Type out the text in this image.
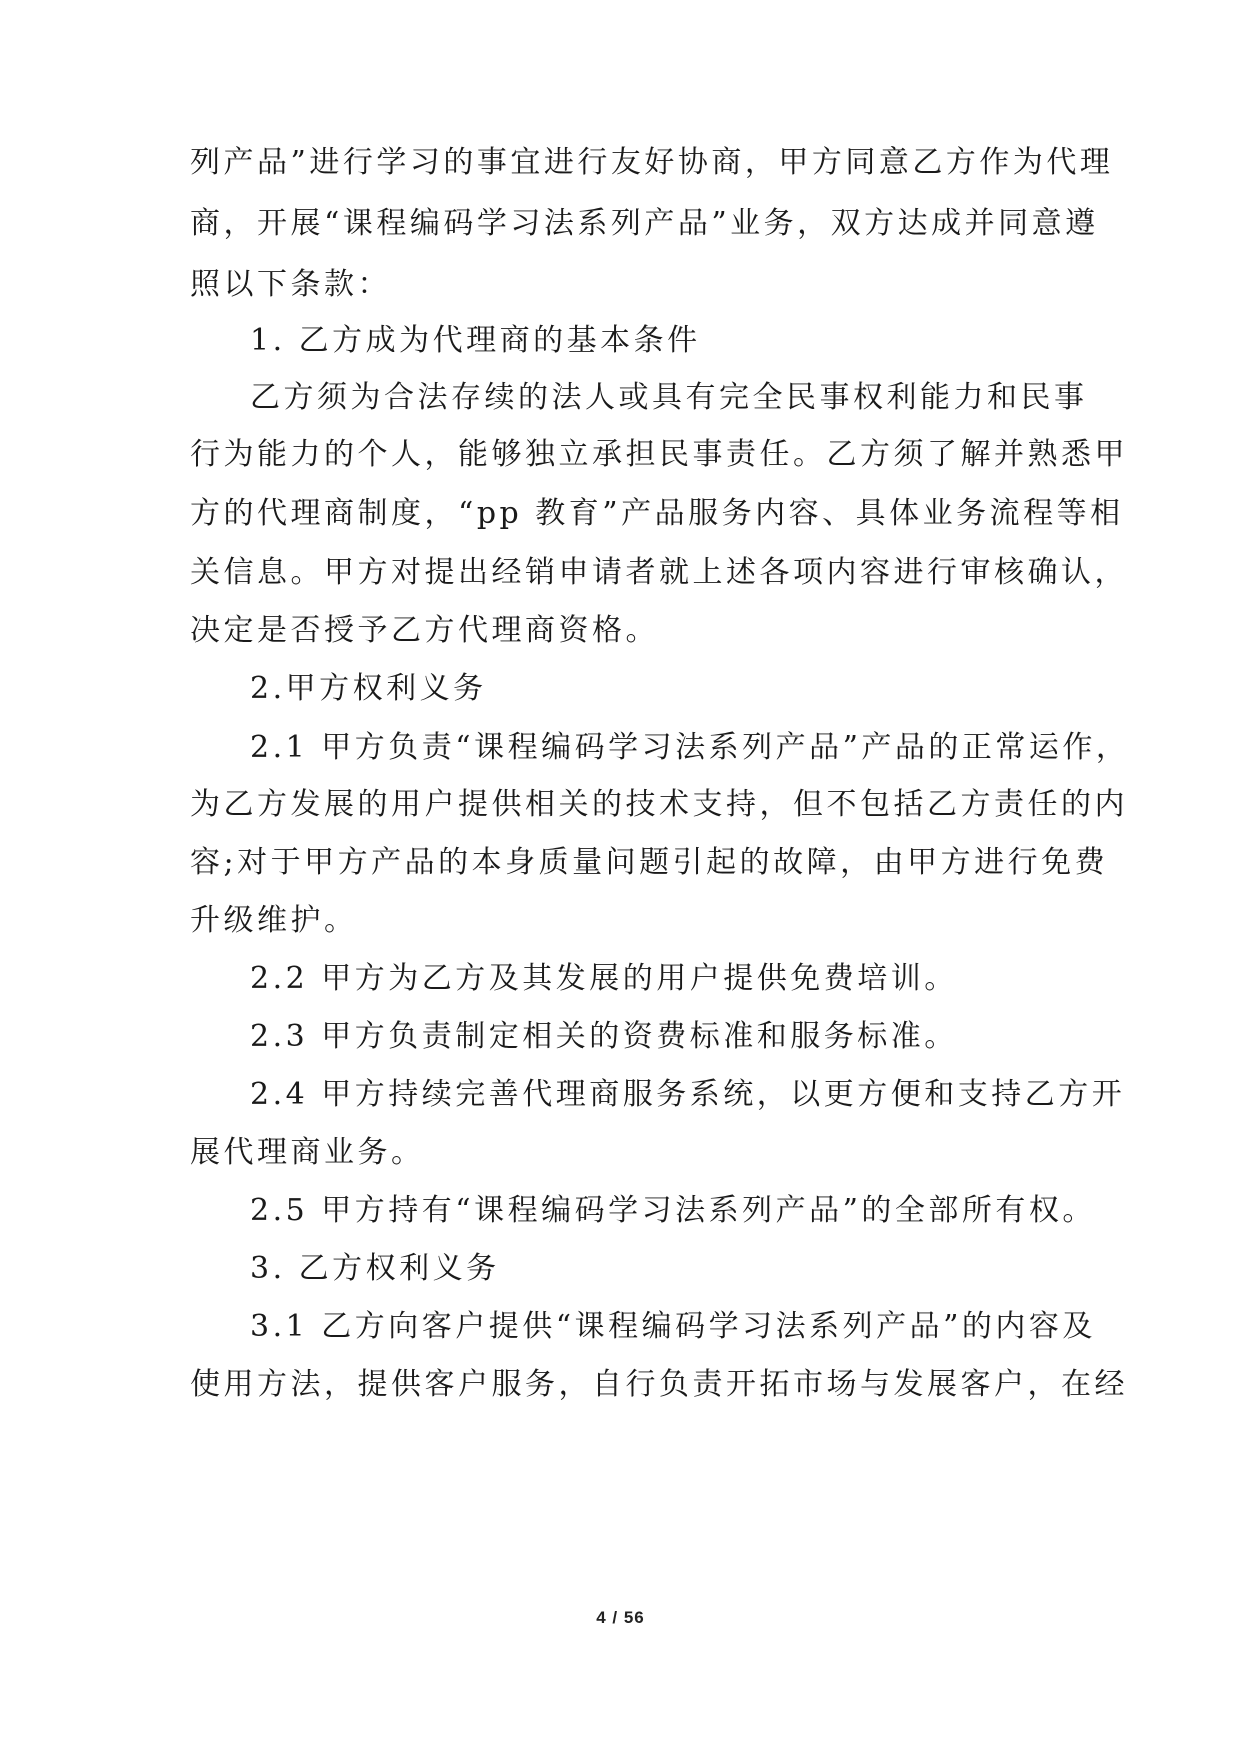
列产品”进行学习的事宜进行友好协商，甲方同意乙方作为代理
商，开展“课程编码学习法系列产品”业务，双方达成并同意遵
照以下条款：
1. 乙方成为代理商的基本条件
乙方须为合法存续的法人或具有完全民事权利能力和民事
行为能力的个人，能够独立承担民事责任。乙方须了解并熟悉甲
方的代理商制度，“pp 教育”产品服务内容、具体业务流程等相
关信息。甲方对提出经销申请者就上述各项内容进行审核确认，
决定是否授予乙方代理商资格。
2.甲方权利义务
2.1 甲方负责“课程编码学习法系列产品”产品的正常运作，
为乙方发展的用户提供相关的技术支持，但不包括乙方责任的内
容;对于甲方产品的本身质量问题引起的故障，由甲方进行免费
升级维护。
2.2 甲方为乙方及其发展的用户提供免费培训。
2.3 甲方负责制定相关的资费标准和服务标准。
2.4 甲方持续完善代理商服务系统，以更方便和支持乙方开
展代理商业务。
2.5 甲方持有“课程编码学习法系列产品”的全部所有权。
3. 乙方权利义务
3.1 乙方向客户提供“课程编码学习法系列产品”的内容及
使用方法，提供客户服务，自行负责开拓市场与发展客户，在经
4 / 56
